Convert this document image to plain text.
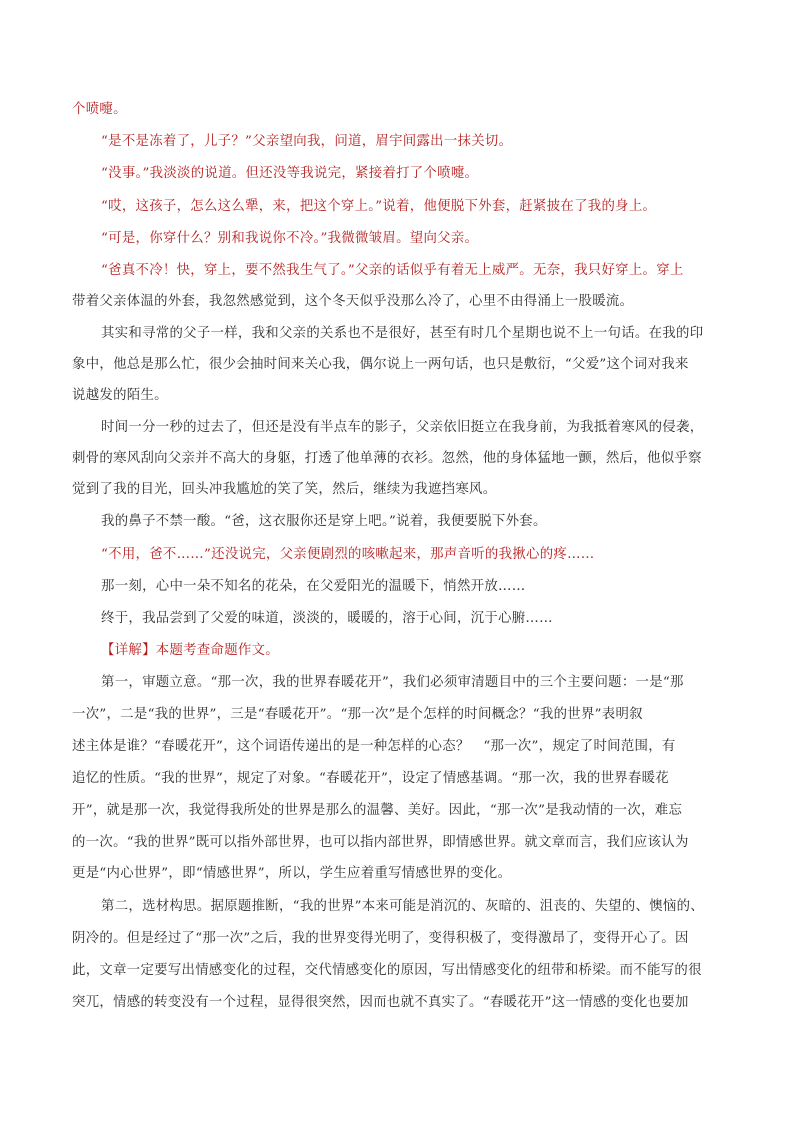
个喷嚏。
“是不是冻着了，儿子？”父亲望向我，问道，眉宇间露出一抹关切。
“没事。”我淡淡的说道。但还没等我说完，紧接着打了个喷嚏。
“哎，这孩子，怎么这么犟，来，把这个穿上。”说着，他便脱下外套，赶紧披在了我的身上。
“可是，你穿什么？别和我说你不冷。”我微微皱眉。望向父亲。
“爸真不冷！快，穿上，要不然我生气了。”父亲的话似乎有着无上威严。无奈，我只好穿上。穿上
带着父亲体温的外套，我忽然感觉到，这个冬天似乎没那么冷了，心里不由得涌上一股暖流。
其实和寻常的父子一样，我和父亲的关系也不是很好，甚至有时几个星期也说不上一句话。在我的印
象中，他总是那么忙，很少会抽时间来关心我，偶尔说上一两句话，也只是敷衍，“父爱”这个词对我来
说越发的陌生。
时间一分一秒的过去了，但还是没有半点车的影子，父亲依旧挺立在我身前，为我抵着寒风的侵袭，
刺骨的寒风刮向父亲并不高大的身躯，打透了他单薄的衣衫。忽然，他的身体猛地一颤，然后，他似乎察
觉到了我的目光，回头冲我尴尬的笑了笑，然后，继续为我遮挡寒风。
我的鼻子不禁一酸。“爸，这衣服你还是穿上吧。”说着，我便要脱下外套。
“不用，爸不……”还没说完，父亲便剧烈的咳嗽起来，那声音听的我揪心的疼……
那一刻，心中一朵不知名的花朵，在父爱阳光的温暖下，悄然开放……
终于，我品尝到了父爱的味道，淡淡的，暖暖的，溶于心间，沉于心腑……
【详解】本题考查命题作文。
第一，审题立意。“那一次，我的世界春暖花开”，我们必须审清题目中的三个主要问题：一是“那
一次”，二是“我的世界”，三是“春暖花开”。“那一次”是个怎样的时间概念？“我的世界”表明叙
述主体是谁？“春暖花开”，这个词语传递出的是一种怎样的心态？　“那一次”，规定了时间范围，有
追忆的性质。“我的世界”，规定了对象。“春暖花开”，设定了情感基调。“那一次，我的世界春暖花
开”，就是那一次，我觉得我所处的世界是那么的温馨、美好。因此，“那一次”是我动情的一次，难忘
的一次。“我的世界”既可以指外部世界，也可以指内部世界，即情感世界。就文章而言，我们应该认为
更是“内心世界”，即“情感世界”，所以，学生应着重写情感世界的变化。
第二，选材构思。据原题推断，“我的世界”本来可能是消沉的、灰暗的、沮丧的、失望的、懊恼的、
阴冷的。但是经过了“那一次”之后，我的世界变得光明了，变得积极了，变得激昂了，变得开心了。因
此，文章一定要写出情感变化的过程，交代情感变化的原因，写出情感变化的纽带和桥梁。而不能写的很
突兀，情感的转变没有一个过程，显得很突然，因而也就不真实了。“春暖花开”这一情感的变化也要加
